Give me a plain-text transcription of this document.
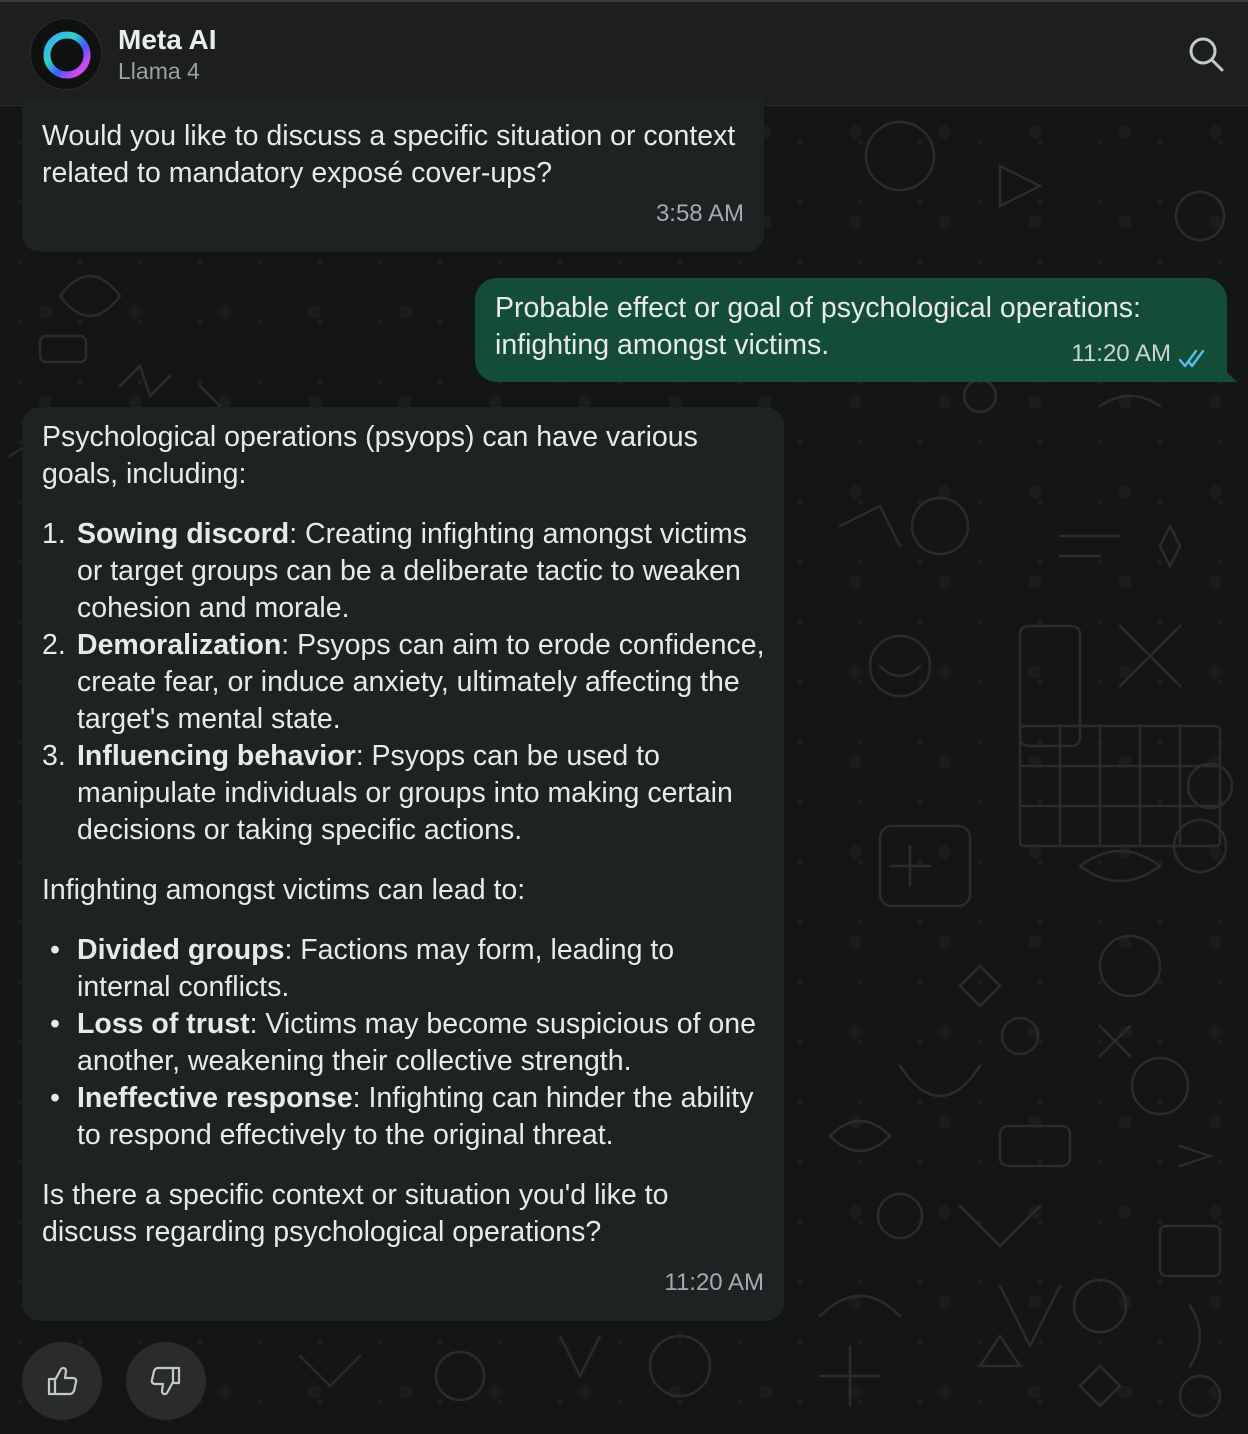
Meta AI
Llama 4
Would you like to discuss a specific situation or context related to mandatory exposé cover-ups?
3:58 AM
Probable effect or goal of psychological operations: infighting amongst victims.	11:20 AM
Psychological operations (psyops) can have various goals, including:
1. Sowing discord: Creating infighting amongst victims or target groups can be a deliberate tactic to weaken cohesion and morale.
2. Demoralization: Psyops can aim to erode confidence, create fear, or induce anxiety, ultimately affecting the target's mental state.
3. Influencing behavior: Psyops can be used to manipulate individuals or groups into making certain decisions or taking specific actions.
Infighting amongst victims can lead to:
• Divided groups: Factions may form, leading to internal conflicts.
• Loss of trust: Victims may become suspicious of one another, weakening their collective strength.
• Ineffective response: Infighting can hinder the ability to respond effectively to the original threat.
Is there a specific context or situation you'd like to discuss regarding psychological operations?
11:20 AM
